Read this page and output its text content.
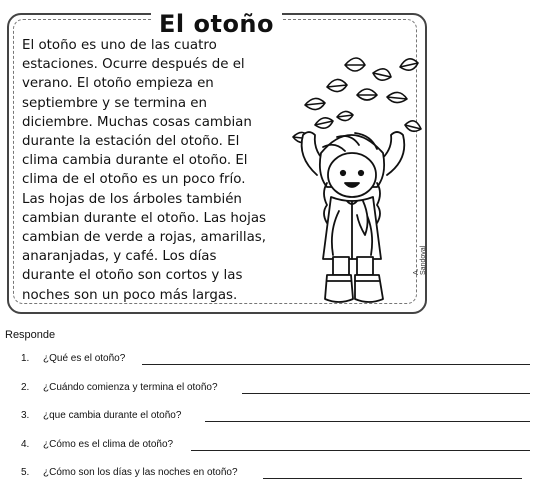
El otoño
El otoño es uno de las cuatro
estaciones. Ocurre después de el
verano. El otoño empieza en
septiembre y se termina en
diciembre. Muchas cosas cambian
durante la estación del otoño. El
clima cambia durante el otoño. El
clima de el otoño es un poco frío.
Las hojas de los árboles también
cambian durante el otoño. Las hojas
cambian de verde a rojas, amarillas,
anaranjadas, y café. Los días
durante el otoño son cortos y las
noches son un poco más largas.
A. Sandoval
Responde
1. ¿Qué es el otoño?
2. ¿Cuándo comienza y termina el otoño?
3. ¿que cambia durante el otoño?
4. ¿Cómo es el clima de otoño?
5. ¿Cómo son los días y las noches en otoño?
